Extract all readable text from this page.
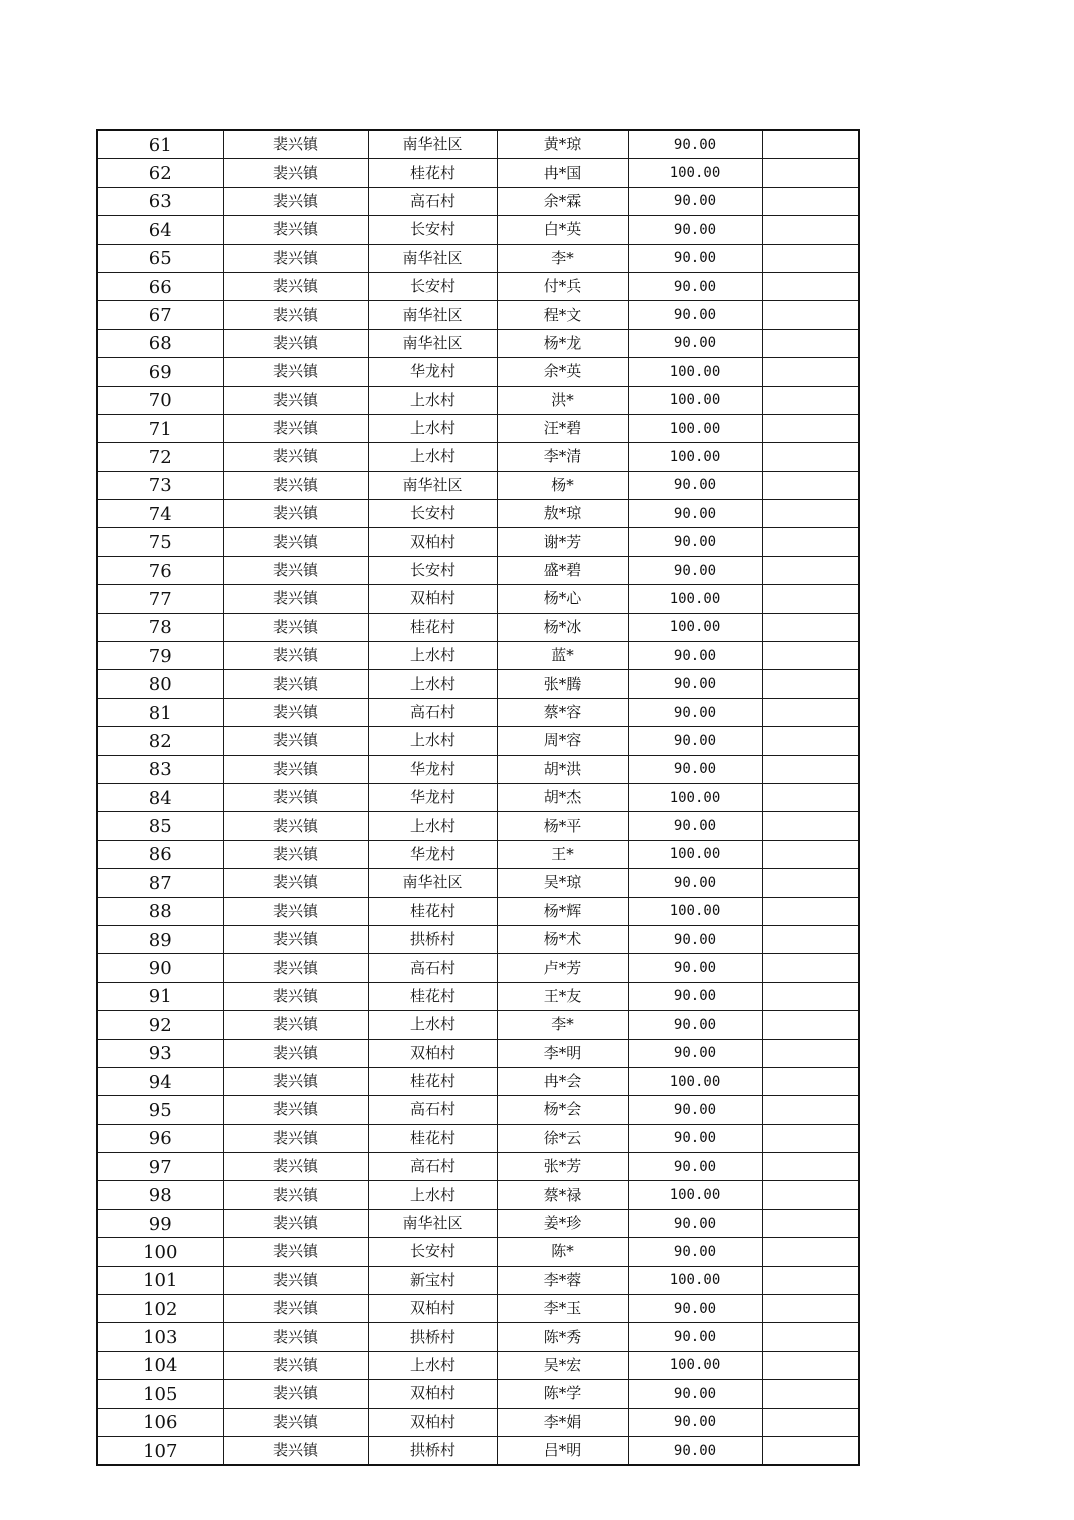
61	裴兴镇	南华社区	黄*琼	90.00	
62	裴兴镇	桂花村	冉*国	100.00	
63	裴兴镇	高石村	余*霖	90.00	
64	裴兴镇	长安村	白*英	90.00	
65	裴兴镇	南华社区	李*	90.00	
66	裴兴镇	长安村	付*兵	90.00	
67	裴兴镇	南华社区	程*文	90.00	
68	裴兴镇	南华社区	杨*龙	90.00	
69	裴兴镇	华龙村	余*英	100.00	
70	裴兴镇	上水村	洪*	100.00	
71	裴兴镇	上水村	汪*碧	100.00	
72	裴兴镇	上水村	李*清	100.00	
73	裴兴镇	南华社区	杨*	90.00	
74	裴兴镇	长安村	敖*琼	90.00	
75	裴兴镇	双柏村	谢*芳	90.00	
76	裴兴镇	长安村	盛*碧	90.00	
77	裴兴镇	双柏村	杨*心	100.00	
78	裴兴镇	桂花村	杨*冰	100.00	
79	裴兴镇	上水村	蓝*	90.00	
80	裴兴镇	上水村	张*腾	90.00	
81	裴兴镇	高石村	蔡*容	90.00	
82	裴兴镇	上水村	周*容	90.00	
83	裴兴镇	华龙村	胡*洪	90.00	
84	裴兴镇	华龙村	胡*杰	100.00	
85	裴兴镇	上水村	杨*平	90.00	
86	裴兴镇	华龙村	王*	100.00	
87	裴兴镇	南华社区	吴*琼	90.00	
88	裴兴镇	桂花村	杨*辉	100.00	
89	裴兴镇	拱桥村	杨*术	90.00	
90	裴兴镇	高石村	卢*芳	90.00	
91	裴兴镇	桂花村	王*友	90.00	
92	裴兴镇	上水村	李*	90.00	
93	裴兴镇	双柏村	李*明	90.00	
94	裴兴镇	桂花村	冉*会	100.00	
95	裴兴镇	高石村	杨*会	90.00	
96	裴兴镇	桂花村	徐*云	90.00	
97	裴兴镇	高石村	张*芳	90.00	
98	裴兴镇	上水村	蔡*禄	100.00	
99	裴兴镇	南华社区	姜*珍	90.00	
100	裴兴镇	长安村	陈*	90.00	
101	裴兴镇	新宝村	李*蓉	100.00	
102	裴兴镇	双柏村	李*玉	90.00	
103	裴兴镇	拱桥村	陈*秀	90.00	
104	裴兴镇	上水村	吴*宏	100.00	
105	裴兴镇	双柏村	陈*学	90.00	
106	裴兴镇	双柏村	李*娟	90.00	
107	裴兴镇	拱桥村	吕*明	90.00	
